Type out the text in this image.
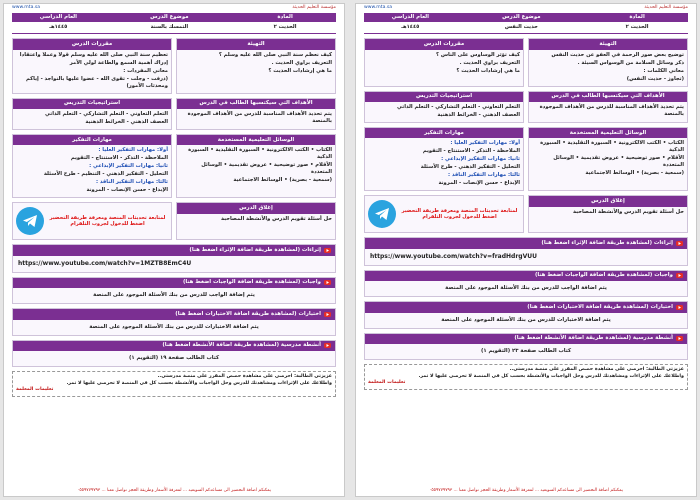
مؤسسة التعليم الحديثة
www.mta.sa
المادة
موضوع الدرس
العام الدراسي
الحديث ٢
التمسك بالسنة
١٤٤٥هـ
التهيئة

كيف نعظم سنة النبي صلى الله عليه وسلم ؟

التعريف براوي الحديث .

ما هي إرشادات الحديث ؟

مقررات الدرس

تعظيم سنة النبي صلى الله عليه وسلم قولا وعملا واعتقادا

إدراك أهمية السمع والطاعة لولي الأمر

معاني المفردات :

(ذرفت - وجلت - تقوى الله - عضوا عليها بالنواجذ - إياكم ومحدثات الأمور)

الأهداف التي سيكتسبها الطالب في الدرس

يتم تحديد الأهداف المناسبة للدرس من الأهداف الموجودة بالمنصة

استراتيجيات التدريس

التعلم التعاوني - التعلم التشاركي - التعلم الذاتي

العصف الذهني - الخرائط الذهنية

الوسائل التعليمية المستخدمة

الكتاب • الكتب الالكترونية • السبورة التقليدية • السبورة الذكية

الأقلام • صور توضيحية • عروض تقديمية • الوسائل المتعددة

(سمعية - بصرية) • الوسائط الاجتماعية

مهارات التفكير

أولا: مهارات التفكير العليا :

الملاحظة - التذكر - الاستنتاج - التقويم

ثانيا: مهارات التفكير الإبداعي :

التحليل - التفكير الذهني - التنظيم - طرح الأسئلة

ثالثا: مهارات التفكير الناقد :

الإبداع - حسن الإنصات - المرونة

إغلاق الدرس

حل أسئلة تقويم الدرس والأنشطة المصاحبة

لمتابعة تحديثات المنصة ومعرفة طريقة التحضير اضغط للدخول لجروب التلقرام
إثراءات (لمشاهدة طريقة اضافة الإثراء اضغط هنا)
https://www.youtube.com/watch?v=1MZTB8EmC4U
واجبات (لمشاهدة طريقة اضافة الواجبات اضغط هنا)
يتم إضافة الواجب للدرس من بنك الأسئلة الموجود على المنصة
اختبارات (لمشاهدة طريقة اضافة الاختبارات اضغط هنا)
يتم اضافة الاختبارات للدرس من بنك الأسئلة الموجود على المنصة
أنشطة مدرسية (لمشاهدة طريقة اضافة الأنشطة اضغط هنا)
كتاب الطالب صفحة ١٩ (التقويم ١)

عزيزتي الطالبة: احرصي على مشاهدة حصص المقرر على منصة مدرستي..

واطلاعك على الإثراءات ومشاهدتك للدرس وحل الواجبات والأنشطة بحسب كل في المنصة لا تحرصي عليها لا تمر.

تعليمات المعلمة

يمكنكم اضافة التحضير الى مساعدكم السوبعيد ... لمعرفة الأسعار وطريقة الحجز تواصل معنا ... ٠٥٥٩٧٧٩٧٩٣
مؤسسة التعليم الحديثة
www.mta.sa
المادة
موضوع الدرس
العام الدراسي
الحديث ٢
حديث النفس
١٤٤٥هـ
التهيئة

توضيح بعض صور الرحمة في العفو عن حديث النفس

ذكر وسائل السلامة من الوسواس السيئة .

معاني الكلمات :

(تجاوز - حديث النفس)

مقررات الدرس

كيف تؤثر الوساوس على الناس ؟

التعريف براوي الحديث .

ما هي إرشادات الحديث ؟

الأهداف التي سيكتسبها الطالب في الدرس

يتم تحديد الأهداف المناسبة للدرس من الأهداف الموجودة بالمنصة

استراتيجيات التدريس

التعلم التعاوني - التعلم التشاركي - التعلم الذاتي

العصف الذهني - الخرائط الذهنية

الوسائل التعليمية المستخدمة

الكتاب • الكتب الالكترونية • السبورة التقليدية • السبورة الذكية

الأقلام • صور توضيحية • عروض تقديمية • الوسائل المتعددة

(سمعية - بصرية) • الوسائط الاجتماعية

مهارات التفكير

أولا: مهارات التفكير العليا :

الملاحظة - التذكر - الاستنتاج - التقويم

ثانيا: مهارات التفكير الإبداعي :

التحليل - التفكير الذهني - طرح الأسئلة

ثالثا: مهارات التفكير الناقد :

الإبداع - حسن الإنصات - المرونة

إغلاق الدرس

حل أسئلة تقويم الدرس والأنشطة المصاحبة

لمتابعة تحديثات المنصة ومعرفة طريقة التحضير اضغط للدخول لجروب التلقرام
إثراءات (لمشاهدة طريقة اضافة الإثراء اضغط هنا)
https://www.youtube.com/watch?v=fradHdrgVUU
واجبات (لمشاهدة طريقة اضافة الواجبات اضغط هنا)
يتم اضافة الواجب للدرس من بنك الأسئلة الموجود على المنصة
اختبارات (لمشاهدة طريقة اضافة الاختبارات اضغط هنا)
يتم اضافة الاختبارات للدرس من بنك الأسئلة الموجود على المنصة
أنشطة مدرسية (لمشاهدة طريقة اضافة الأنشطة اضغط هنا)
كتاب الطالب صفحة ٢٣ (التقويم ١)

عزيزتي الطالبة: احرصي على مشاهدة حصص المقرر على منصة مدرستي..

واطلاعك على الإثراءات ومشاهدتك للدرس وحل الواجبات والأنشطة بحسب كل في المنصة لا تحرصي عليها لا تمر.

تعليمات المعلمة

يمكنكم اضافة التحضير الى مساعدكم السوبعيد ... لمعرفة الأسعار وطريقة الحجز تواصل معنا ... ٠٥٥٩٧٧٩٧٩٣
